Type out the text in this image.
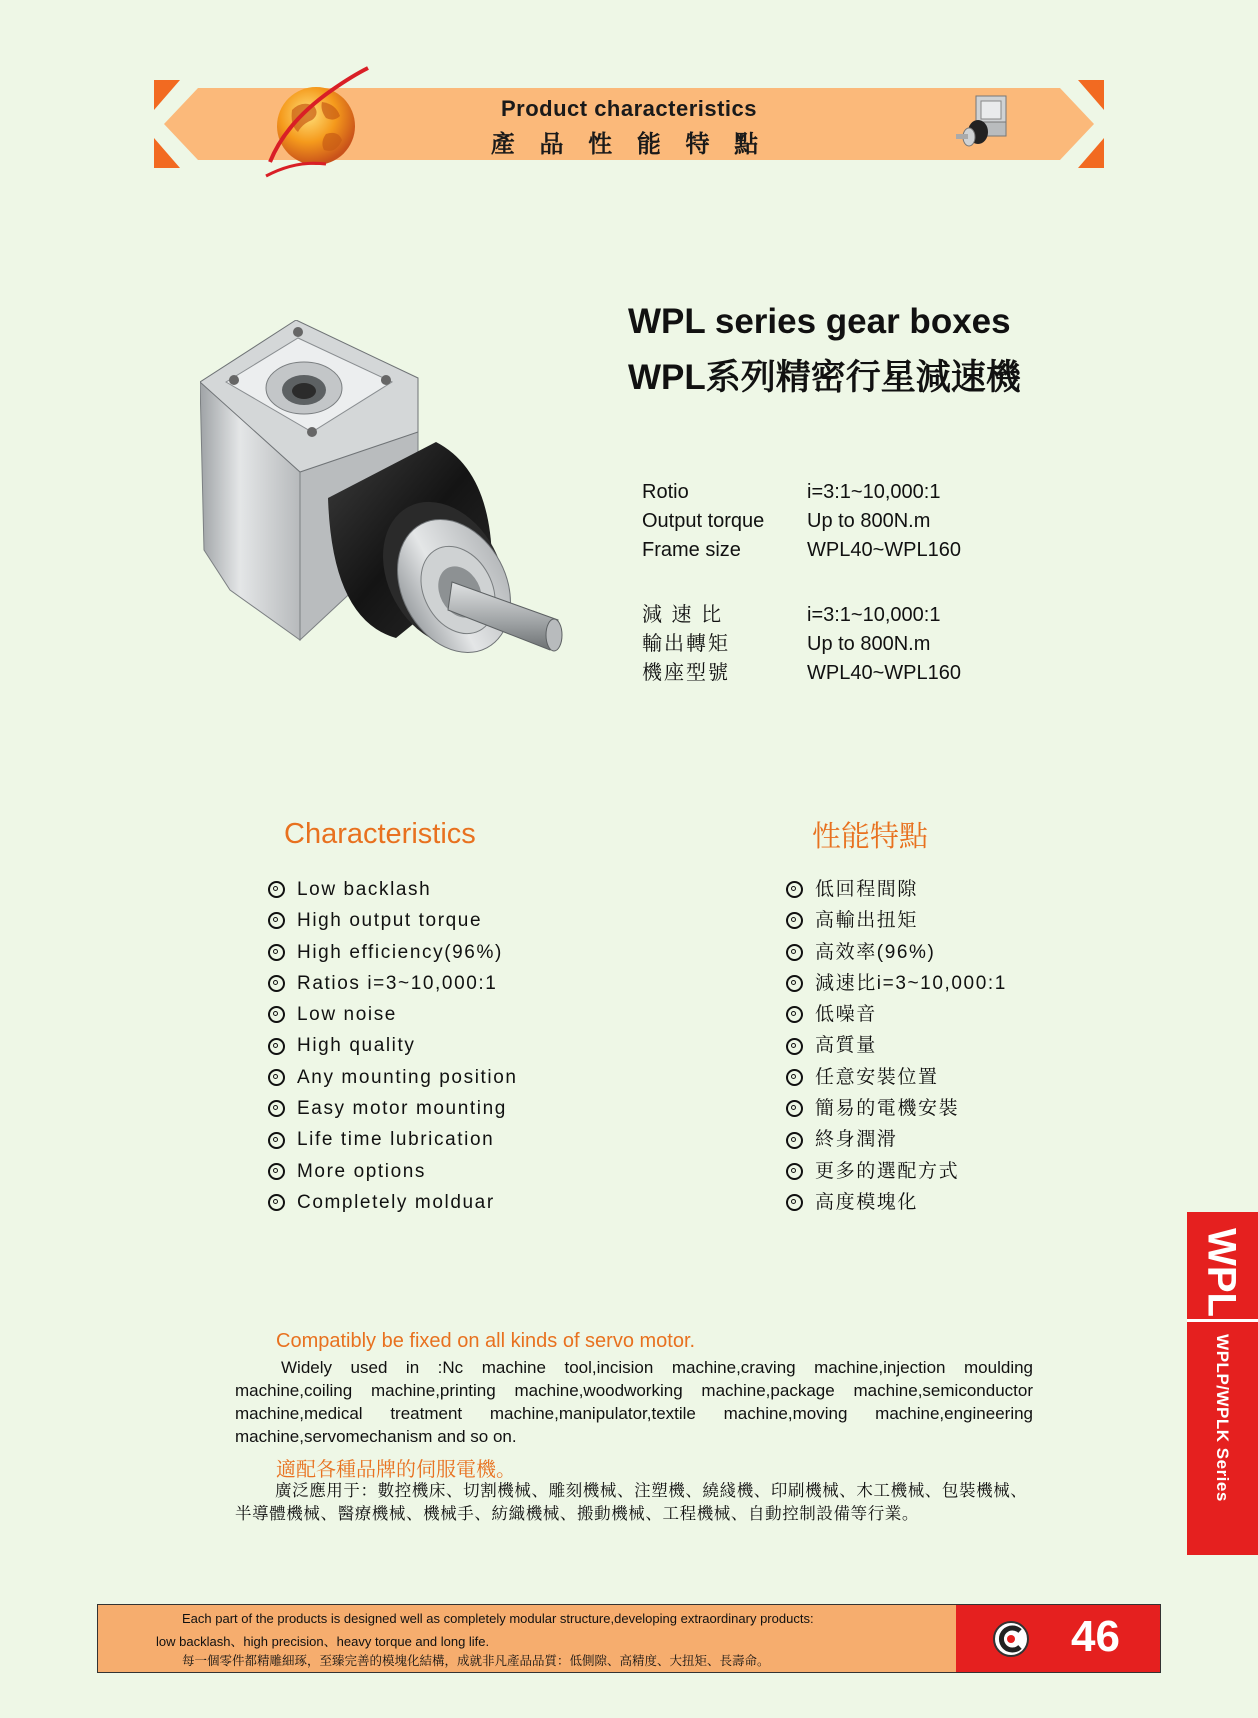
Product characteristics
產 品 性 能 特 點
WPL series gear boxes
WPL系列精密行星減速機
Rotio	i=3:1~10,000:1
Output torque	Up to 800N.m
Frame size	WPL40~WPL160
減 速 比	i=3:1~10,000:1
輸出轉矩	Up to 800N.m
機座型號	WPL40~WPL160
Characteristics	性能特點
Low backlash
High output torque
High efficiency(96%)
Ratios i=3~10,000:1
Low noise
High quality
Any mounting position
Easy motor mounting
Life time lubrication
More options
Completely molduar
低回程間隙
高輸出扭矩
高效率(96%)
減速比i=3~10,000:1
低噪音
高質量
任意安裝位置
簡易的電機安裝
終身潤滑
更多的選配方式
高度模塊化
Compatibly be fixed on all kinds of servo motor.
Widely used in :Nc machine tool,incision machine,craving machine,injection moulding machine,coiling machine,printing machine,woodworking machine,package machine,semiconductor machine,medical treatment machine,manipulator,textile machine,moving machine,engineering machine,servomechanism and so on.
適配各種品牌的伺服電機。
廣泛應用于：數控機床、切割機械、雕刻機械、注塑機、繞綫機、印刷機械、木工機械、包裝機械、半導體機械、醫療機械、機械手、紡織機械、搬動機械、工程機械、自動控制設備等行業。
WPL
WPLP/WPLK Series
Each part of the products is designed well as completely modular structure,developing extraordinary products:
low backlash、high precision、heavy torque and long life.
每一個零件都精雕細琢，至臻完善的模塊化結構，成就非凡產品品質：低側隙、高精度、大扭矩、長壽命。	46
